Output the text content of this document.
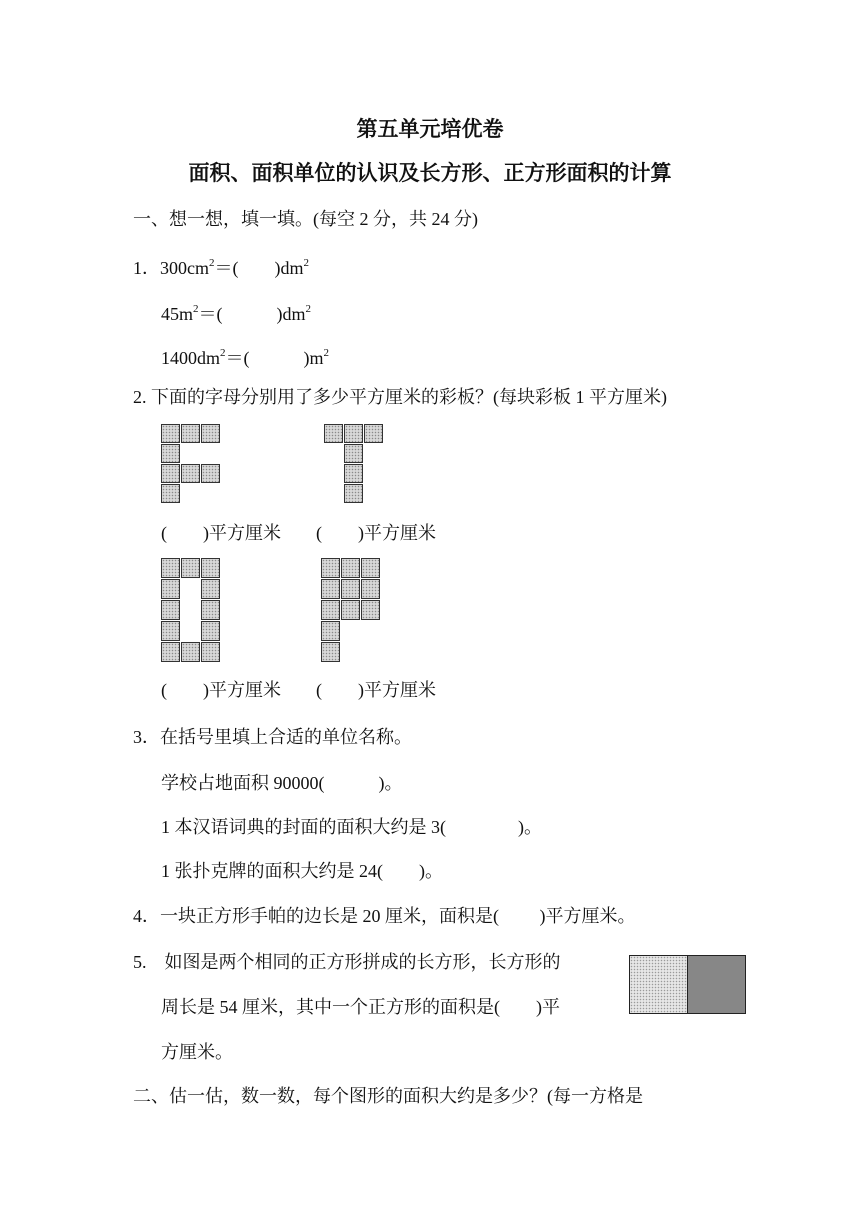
第五单元培优卷
面积、面积单位的认识及长方形、正方形面积的计算
一、想一想，填一填。(每空 2 分，共 24 分)
1．$300cm^2=$(　　)$dm^2$
$45m^2=$(　　　)$dm^2$
$1400dm^2=$(　　　)$m^2$
2. 下面的字母分别用了多少平方厘米的彩板？(每块彩板 1 平方厘米)
(　　)平方厘米 (　　)平方厘米
(　　)平方厘米 (　　)平方厘米
3．在括号里填上合适的单位名称。
学校占地面积 90000(　　　)。
1 本汉语词典的封面的面积大约是 3(　　　　)。
1 张扑克牌的面积大约是 24(　　)。
4．一块正方形手帕的边长是 20 厘米，面积是(　　 )平方厘米。
5.　如图是两个相同的正方形拼成的长方形，长方形的
周长是 54 厘米，其中一个正方形的面积是(　　)平
方厘米。
二、估一估，数一数，每个图形的面积大约是多少？(每一方格是
